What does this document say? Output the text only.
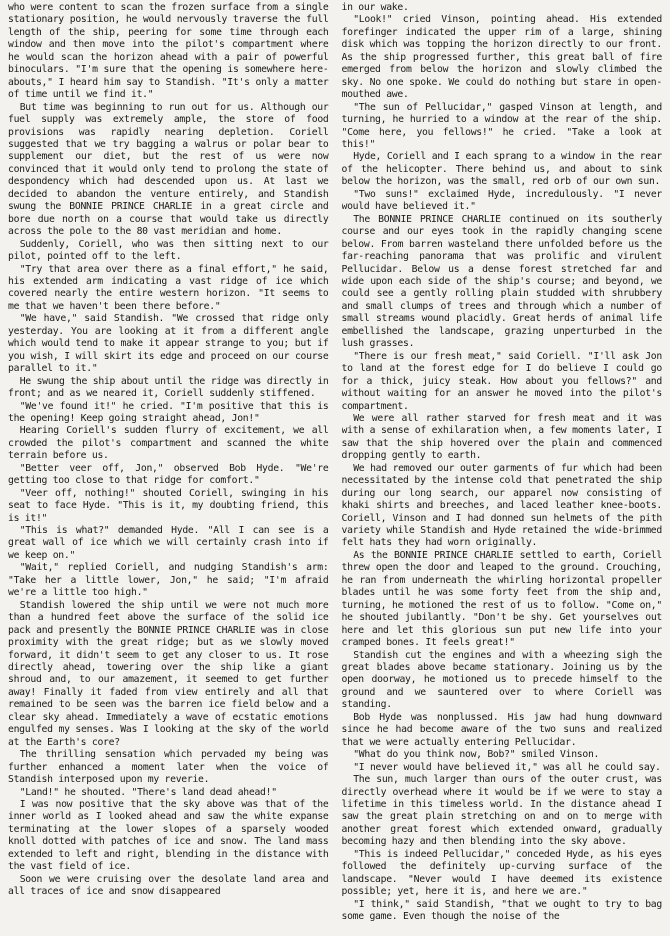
who were content to scan the frozen surface from a single stationary position, he would nervously traverse the full length of the ship, peering for some time through each window and then move into the pilot's compartment where he would scan the horizon ahead with a pair of powerful binoculars. "I'm sure that the opening is somewhere here-abouts," I heard him say to Standish. "It's only a matter of time until we find it."

But time was beginning to run out for us. Although our fuel supply was extremely ample, the store of food provisions was rapidly nearing depletion. Coriell suggested that we try bagging a walrus or polar bear to supplement our diet, but the rest of us were now convinced that it would only tend to prolong the state of despondency which had descended upon us. At last we decided to abandon the venture entirely, and Standish swung the BONNIE PRINCE CHARLIE in a great circle and bore due north on a course that would take us directly across the pole to the 80 vast meridian and home.

Suddenly, Coriell, who was then sitting next to our pilot, pointed off to the left.

"Try that area over there as a final effort," he said, his extended arm indicating a vast ridge of ice which covered nearly the entire western horizon. "It seems to me that we haven't been there before."

"We have," said Standish. "We crossed that ridge only yesterday. You are looking at it from a different angle which would tend to make it appear strange to you; but if you wish, I will skirt its edge and proceed on our course parallel to it."

He swung the ship about until the ridge was directly in front; and as we neared it, Coriell suddenly stiffened.

"We've found it!" he cried. "I'm positive that this is the opening! Keep going straight ahead, Jon!"

Hearing Coriell's sudden flurry of excitement, we all crowded the pilot's compartment and scanned the white terrain before us.

"Better veer off, Jon," observed Bob Hyde. "We're getting too close to that ridge for comfort."

"Veer off, nothing!" shouted Coriell, swinging in his seat to face Hyde. "This is it, my doubting friend, this is it!"

"This is what?" demanded Hyde. "All I can see is a great wall of ice which we will certainly crash into if we keep on."

"Wait," replied Coriell, and nudging Standish's arm: "Take her a little lower, Jon," he said; "I'm afraid we're a little too high."

Standish lowered the ship until we were not much more than a hundred feet above the surface of the solid ice pack and presently the BONNIE PRINCE CHARLIE was in close proximity with the great ridge; but as we slowly moved forward, it didn't seem to get any closer to us. It rose directly ahead, towering over the ship like a giant shroud and, to our amazement, it seemed to get further away! Finally it faded from view entirely and all that remained to be seen was the barren ice field below and a clear sky ahead. Immediately a wave of ecstatic emotions engulfed my senses. Was I looking at the sky of the world at the Earth's core?

The thrilling sensation which pervaded my being was further enhanced a moment later when the voice of Standish interposed upon my reverie.

"Land!" he shouted. "There's land dead ahead!"

I was now positive that the sky above was that of the inner world as I looked ahead and saw the white expanse terminating at the lower slopes of a sparsely wooded knoll dotted with patches of ice and snow. The land mass extended to left and right, blending in the distance with the vast field of ice.

Soon we were cruising over the desolate land area and all traces of ice and snow disappeared

in our wake.

"Look!" cried Vinson, pointing ahead. His extended forefinger indicated the upper rim of a large, shining disk which was topping the horizon directly to our front. As the ship progressed further, this great ball of fire emerged from below the horizon and slowly climbed the sky. No one spoke. We could do nothing but stare in open-mouthed awe.

"The sun of Pellucidar," gasped Vinson at length, and turning, he hurried to a window at the rear of the ship. "Come here, you fellows!" he cried. "Take a look at this!"

Hyde, Coriell and I each sprang to a window in the rear of the helicopter. There behind us, and about to sink below the horizon, was the small, red orb of our own sun.

"Two suns!" exclaimed Hyde, incredulously. "I never would have believed it."

The BONNIE PRINCE CHARLIE continued on its southerly course and our eyes took in the rapidly changing scene below. From barren wasteland there unfolded before us the far-reaching panorama that was prolific and virulent Pellucidar. Below us a dense forest stretched far and wide upon each side of the ship's course; and beyond, we could see a gently rolling plain studded with shrubbery and small clumps of trees and through which a number of small streams wound placidly. Great herds of animal life embellished the landscape, grazing unperturbed in the lush grasses.

"There is our fresh meat," said Coriell. "I'll ask Jon to land at the forest edge for I do believe I could go for a thick, juicy steak. How about you fellows?" and without waiting for an answer he moved into the pilot's compartment.

We were all rather starved for fresh meat and it was with a sense of exhilaration when, a few moments later, I saw that the ship hovered over the plain and commenced dropping gently to earth.

We had removed our outer garments of fur which had been necessitated by the intense cold that penetrated the ship during our long search, our apparel now consisting of khaki shirts and breeches, and laced leather knee-boots. Coriell, Vinson and I had donned sun helmets of the pith variety while Standish and Hyde retained the wide-brimmed felt hats they had worn originally.

As the BONNIE PRINCE CHARLIE settled to earth, Coriell threw open the door and leaped to the ground. Crouching, he ran from underneath the whirling horizontal propeller blades until he was some forty feet from the ship and, turning, he motioned the rest of us to follow. "Come on," he shouted jubilantly. "Don't be shy. Get yourselves out here and let this glorious sun put new life into your cramped bones. It feels great!"

Standish cut the engines and with a wheezing sigh the great blades above became stationary. Joining us by the open doorway, he motioned us to precede himself to the ground and we sauntered over to where Coriell was standing.

Bob Hyde was nonplussed. His jaw had hung downward since he had become aware of the two suns and realized that we were actually entering Pellucidar.

"What do you think now, Bob?" smiled Vinson.

"I never would have believed it," was all he could say.

The sun, much larger than ours of the outer crust, was directly overhead where it would be if we were to stay a lifetime in this timeless world. In the distance ahead I saw the great plain stretching on and on to merge with another great forest which extended onward, gradually becoming hazy and then blending into the sky above.

"This is indeed Pellucidar," conceded Hyde, as his eyes followed the definitely up-curving surface of the landscape. "Never would I have deemed its existence possible; yet, here it is, and here we are."

"I think," said Standish, "that we ought to try to bag some game. Even though the noise of the
